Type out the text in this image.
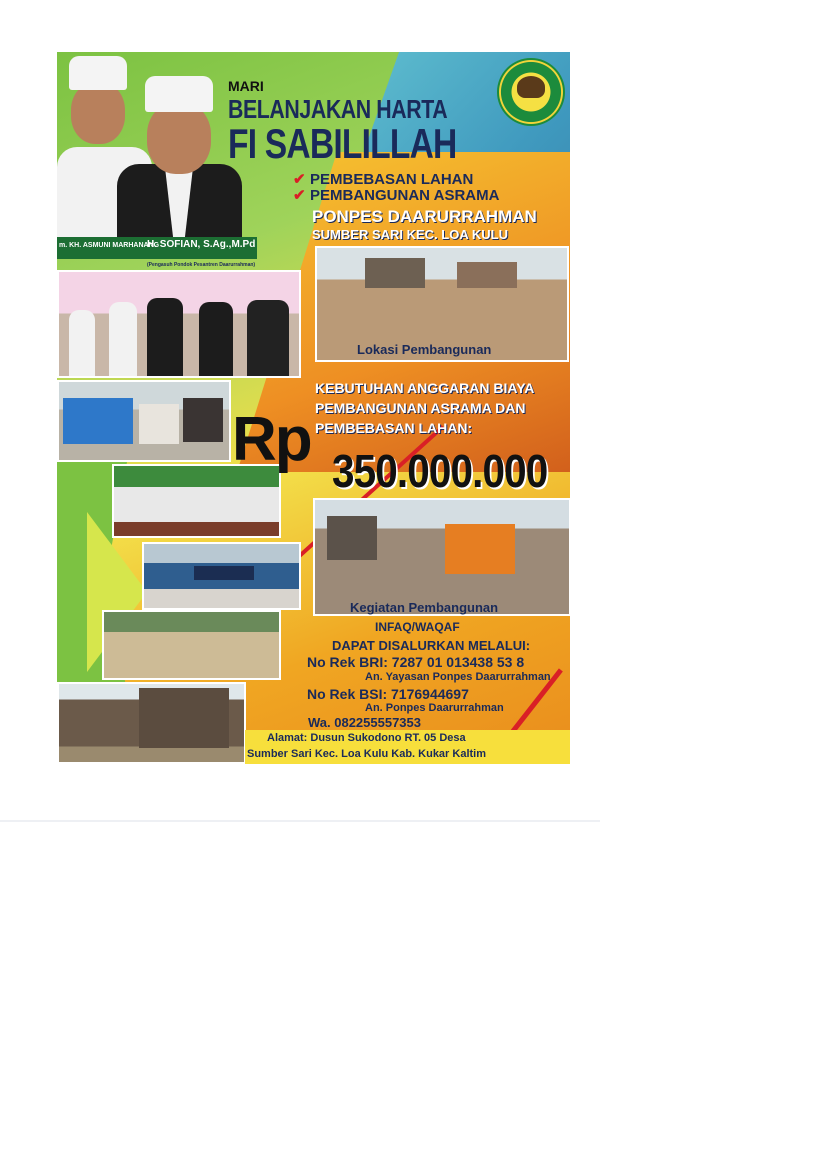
m. KH. ASMUNI MARHANANG
H. SOFIAN, S.Ag.,M.Pd
(Pengasuh Pondok Pesantren Daarurrahman)
MARI
BELANJAKAN HARTA
FI SABILILLAH
✔ PEMBEBASAN LAHAN
✔ PEMBANGUNAN ASRAMA
PONPES DAARURRAHMAN
SUMBER SARI KEC. LOA KULU
Lokasi Pembangunan
KEBUTUHAN ANGGARAN BIAYA
PEMBANGUNAN ASRAMA DAN
PEMBEBASAN LAHAN:
Rp 350.000.000
Kegiatan Pembangunan
INFAQ/WAQAF
DAPAT DISALURKAN MELALUI:
No Rek BRI: 7287 01 013438 53 8
An. Yayasan Ponpes Daarurrahman
No Rek BSI: 7176944697
An. Ponpes Daarurrahman
Wa. 082255557353
Alamat: Dusun Sukodono RT. 05 Desa
Sumber Sari Kec. Loa Kulu Kab. Kukar Kaltim
